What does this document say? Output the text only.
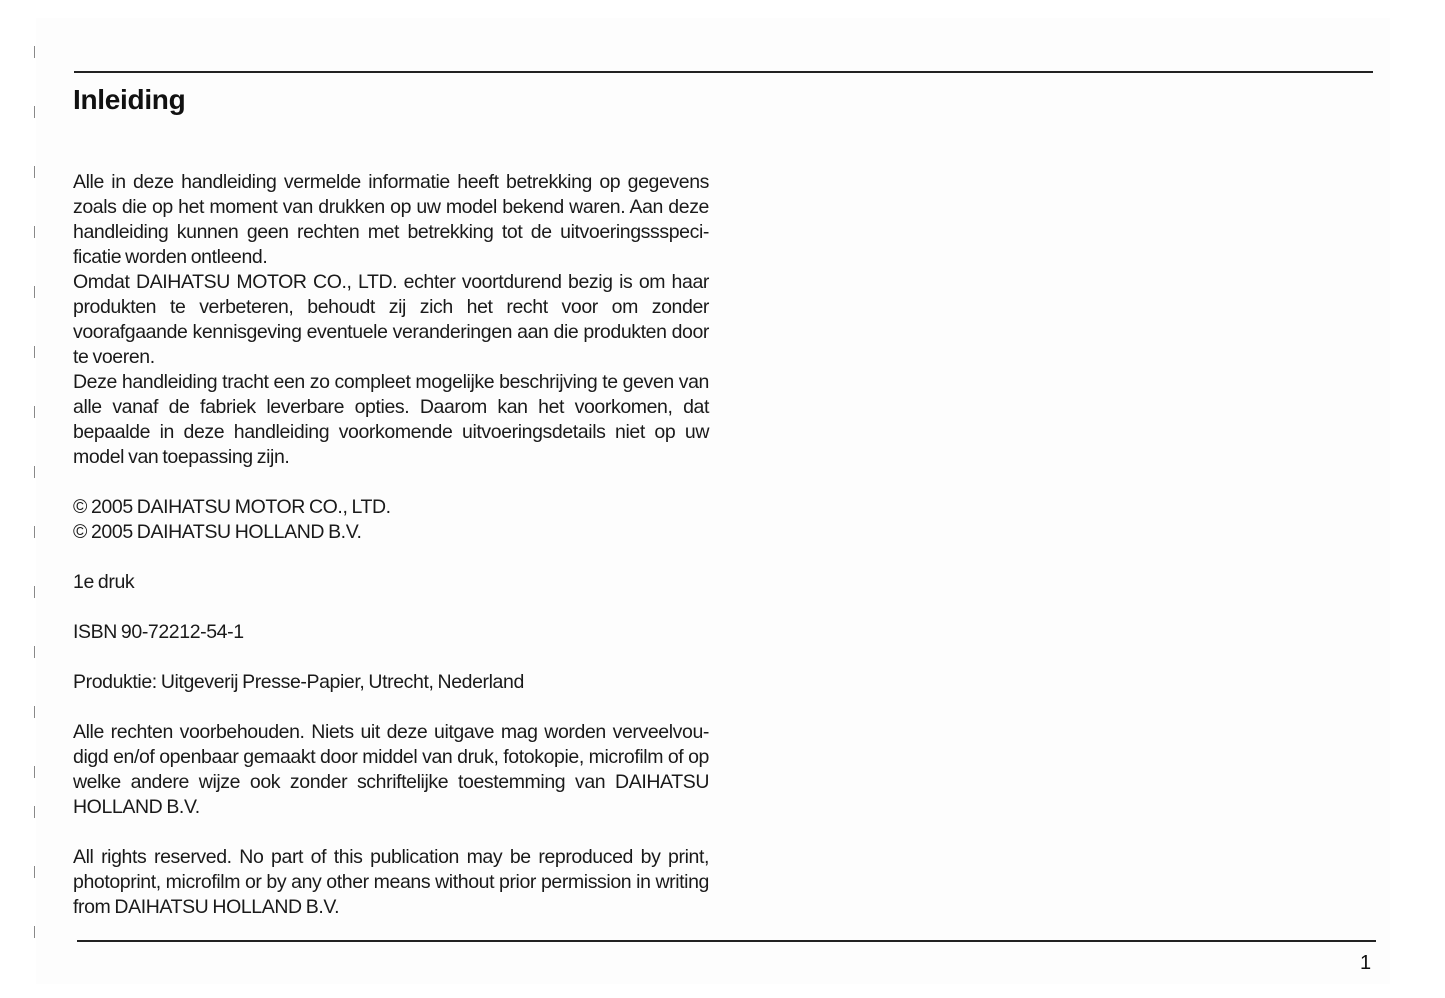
Inleiding

Alle in deze handleiding vermelde informatie heeft betrekking op gegevens zoals die op het moment van drukken op uw model bekend waren. Aan deze handleiding kunnen geen rechten met betrekking tot de uitvoeringssspeci- ficatie worden ontleend.

Omdat DAIHATSU MOTOR CO., LTD. echter voortdurend bezig is om haar produkten te verbeteren, behoudt zij zich het recht voor om zonder voorafgaande kennisgeving eventuele veranderingen aan die produkten door te voeren.

Deze handleiding tracht een zo compleet mogelijke beschrijving te geven van alle vanaf de fabriek leverbare opties. Daarom kan het voorkomen, dat bepaalde in deze handleiding voorkomende uitvoeringsdetails niet op uw model van toepassing zijn.

© 2005 DAIHATSU MOTOR CO., LTD.

© 2005 DAIHATSU HOLLAND B.V.

1e druk

ISBN 90-72212-54-1

Produktie: Uitgeverij Presse-Papier, Utrecht, Nederland

Alle rechten voorbehouden. Niets uit deze uitgave mag worden verveelvou- digd en/of openbaar gemaakt door middel van druk, fotokopie, microfilm of op welke andere wijze ook zonder schriftelijke toestemming van DAIHATSU HOLLAND B.V.

All rights reserved. No part of this publication may be reproduced by print, photoprint, microfilm or by any other means without prior permission in writing from DAIHATSU HOLLAND B.V.

1
